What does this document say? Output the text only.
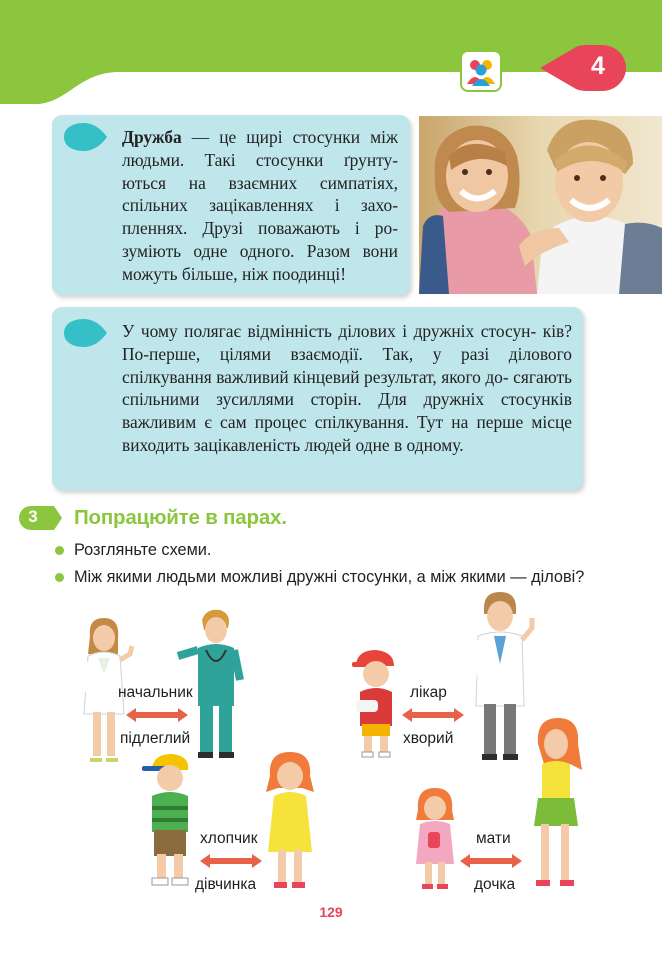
4
Дружба — це щирі стосунки між людьми. Такі стосунки ґрунту- ються на взаємних симпатіях, спільних зацікавленнях і захо- пленнях. Друзі поважають і ро- зуміють одне одного. Разом вони можуть більше, ніж поодинці!
У чому полягає відмінність ділових і дружніх стосун- ків? По-перше, цілями взаємодії. Так, у разі ділового спілкування важливий кінцевий результат, якого до- сягають спільними зусиллями сторін. Для дружніх стосунків важливим є сам процес спілкування. Тут на перше місце виходить зацікавленість людей одне в одному.
3	Попрацюйте в парах.
Розгляньте схеми.
Між якими людьми можливі дружні стосунки, а між якими — ділові?
начальник
підлеглий
лікар
хворий
хлопчик
дівчинка
мати
дочка
129
